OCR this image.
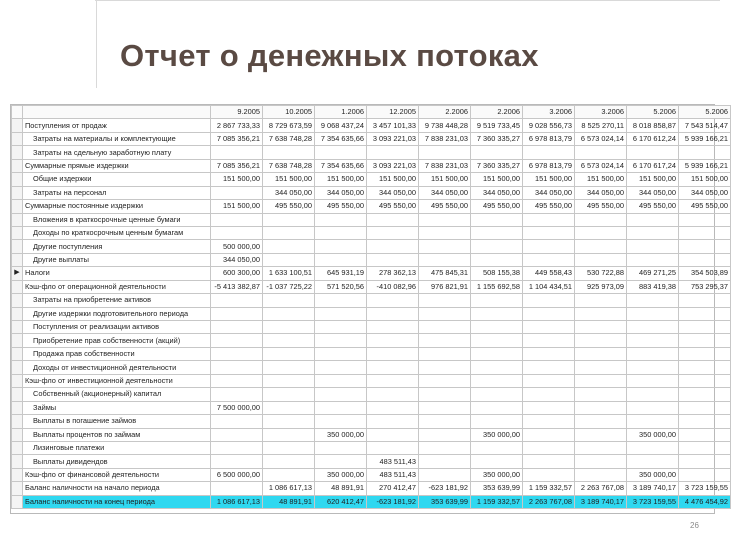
Отчет о денежных потоках
		9.2005	10.2005	1.2006	12.2005	2.2006	2.2006	3.2006	3.2006	5.2006	5.2006
	Поступления от продаж	2 867 733,33	8 729 673,59	9 068 437,24	3 457 101,33	9 738 448,28	9 519 733,45	9 028 556,73	8 525 270,11	8 018 858,87	7 543 514,47
	Затраты на материалы и комплектующие	7 085 356,21	7 638 748,28	7 354 635,66	3 093 221,03	7 838 231,03	7 360 335,27	6 978 813,79	6 573 024,14	6 170 612,24	5 939 166,21
	Затраты на сдельную заработную плату										
	Суммарные прямые издержки	7 085 356,21	7 638 748,28	7 354 635,66	3 093 221,03	7 838 231,03	7 360 335,27	6 978 813,79	6 573 024,14	6 170 617,24	5 939 166,21
	Общие издержки	151 500,00	151 500,00	151 500,00	151 500,00	151 500,00	151 500,00	151 500,00	151 500,00	151 500,00	151 500,00
	Затраты на персонал		344 050,00	344 050,00	344 050,00	344 050,00	344 050,00	344 050,00	344 050,00	344 050,00	344 050,00
	Суммарные постоянные издержки	151 500,00	495 550,00	495 550,00	495 550,00	495 550,00	495 550,00	495 550,00	495 550,00	495 550,00	495 550,00
	Вложения в краткосрочные ценные бумаги										
	Доходы по краткосрочным ценным бумагам										
	Другие поступления	500 000,00									
	Другие выплаты	344 050,00									
▶	Налоги	600 300,00	1 633 100,51	645 931,19	278 362,13	475 845,31	508 155,38	449 558,43	530 722,88	469 271,25	354 503,89
	Кэш-фло от операционной деятельности	-5 413 382,87	-1 037 725,22	571 520,56	-410 082,96	976 821,91	1 155 692,58	1 104 434,51	925 973,09	883 419,38	753 295,37
	Затраты на приобретение активов										
	Другие издержки подготовительного периода										
	Поступления от реализации активов										
	Приобретение прав собственности (акций)										
	Продажа прав собственности										
	Доходы от инвестиционной деятельности										
	Кэш-фло от инвестиционной деятельности										
	Собственный (акционерный) капитал										
	Займы	7 500 000,00									
	Выплаты в погашение займов										
	Выплаты процентов по займам			350 000,00			350 000,00			350 000,00	
	Лизинговые платежи										
	Выплаты дивидендов				483 511,43						
	Кэш-фло от финансовой деятельности	6 500 000,00		350 000,00	483 511,43		350 000,00			350 000,00	
	Баланс наличности на начало периода		1 086 617,13	48 891,91	270 412,47	-623 181,92	353 639,99	1 159 332,57	2 263 767,08	3 189 740,17	3 723 159,55
	Баланс наличности на конец периода	1 086 617,13	48 891,91	620 412,47	-623 181,92	353 639,99	1 159 332,57	2 263 767,08	3 189 740,17	3 723 159,55	4 476 454,92
26
